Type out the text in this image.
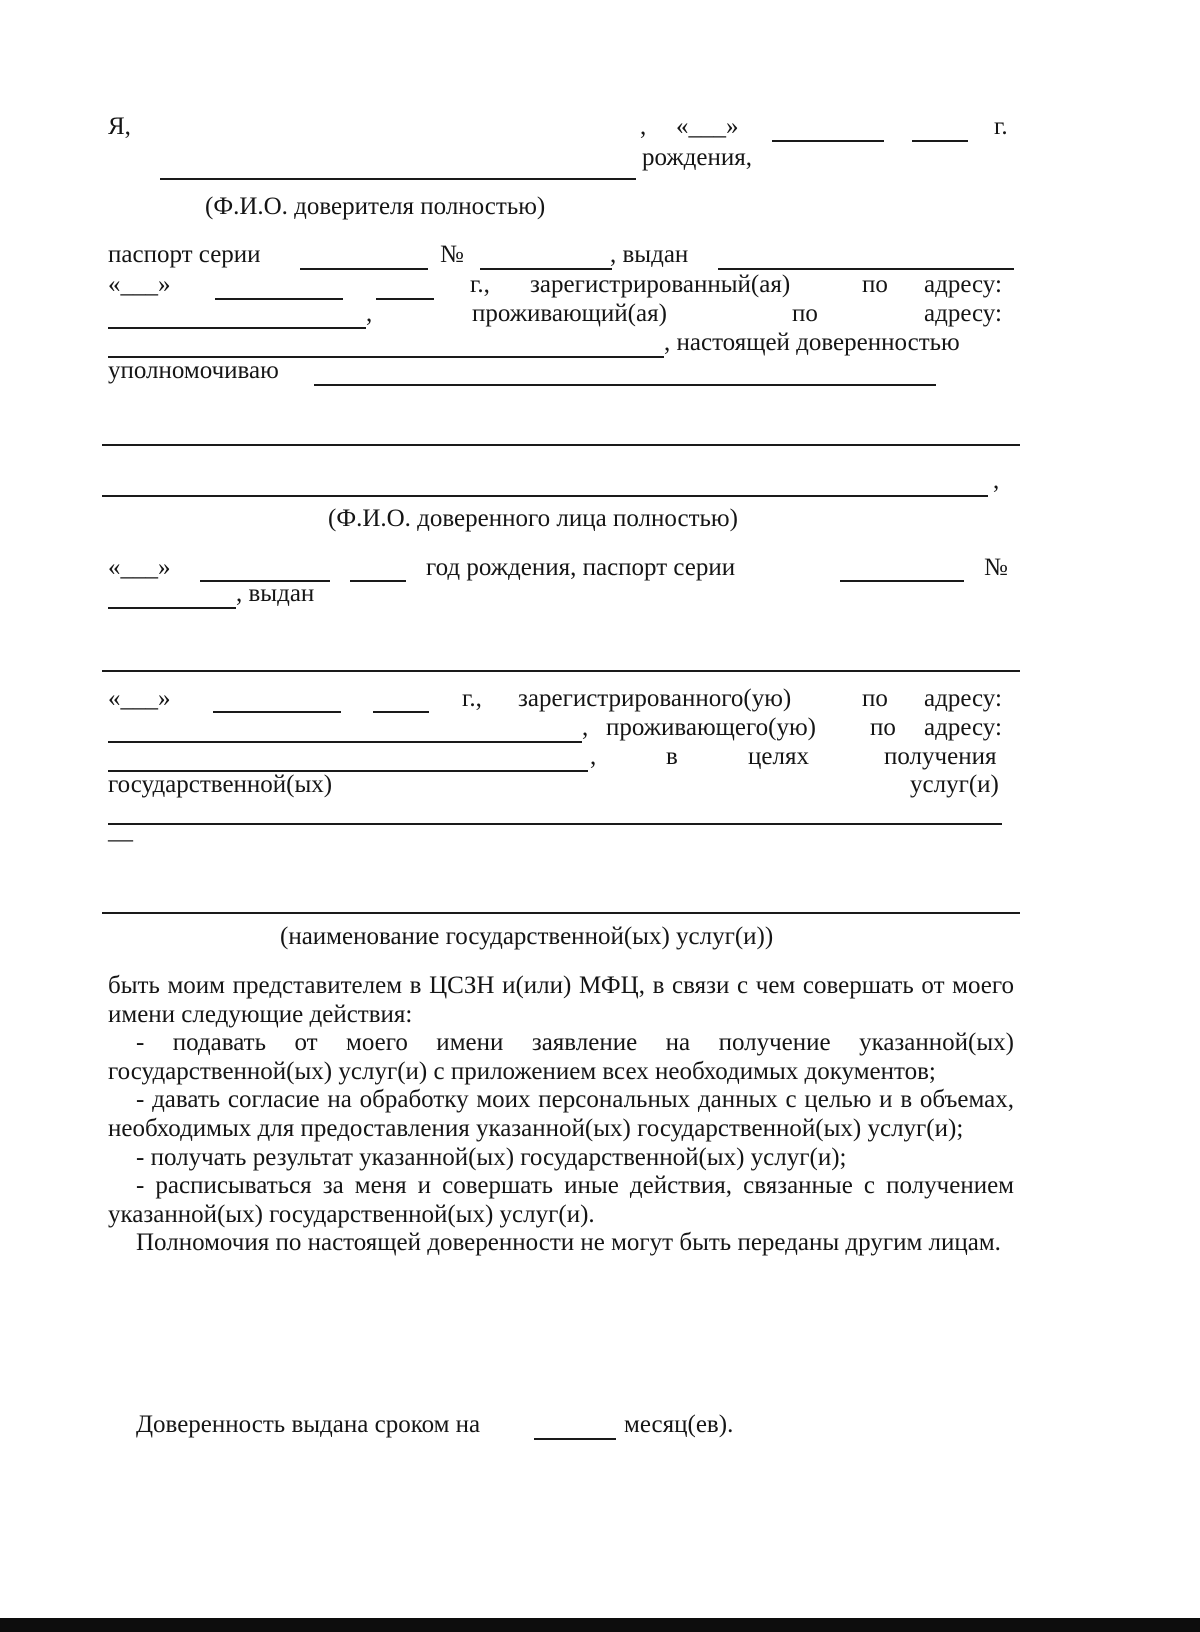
Я,	, «___»	г.
рождения,
(Ф.И.О. доверителя полностью)
паспорт серии	№	, выдан
«___»	г., зарегистрированный(ая)	по адресу:
,	проживающий(ая)	по	адресу:
, настоящей доверенностью
уполномочиваю
,
(Ф.И.О. доверенного лица полностью)
«___»	год рождения, паспорт серии	№
, выдан
«___»	г., зарегистрированного(ую)	по адресу:
, проживающего(ую) по адресу:
,	в	целях	получения
государственной(ых)	услуг(и)
—
(наименование государственной(ых) услуг(и))

быть моим представителем в ЦСЗН и(или) МФЦ, в связи с чем совершать от моего имени следующие действия:

- подавать от моего имени заявление на получение указанной(ых) государственной(ых) услуг(и) с приложением всех необходимых документов;

- давать согласие на обработку моих персональных данных с целью и в объемах, необходимых для предоставления указанной(ых) государственной(ых) услуг(и);

- получать результат указанной(ых) государственной(ых) услуг(и);

- расписываться за меня и совершать иные действия, связанные с получением указанной(ых) государственной(ых) услуг(и).

Полномочия по настоящей доверенности не могут быть переданы другим лицам.

Доверенность выдана сроком на	месяц(ев).
